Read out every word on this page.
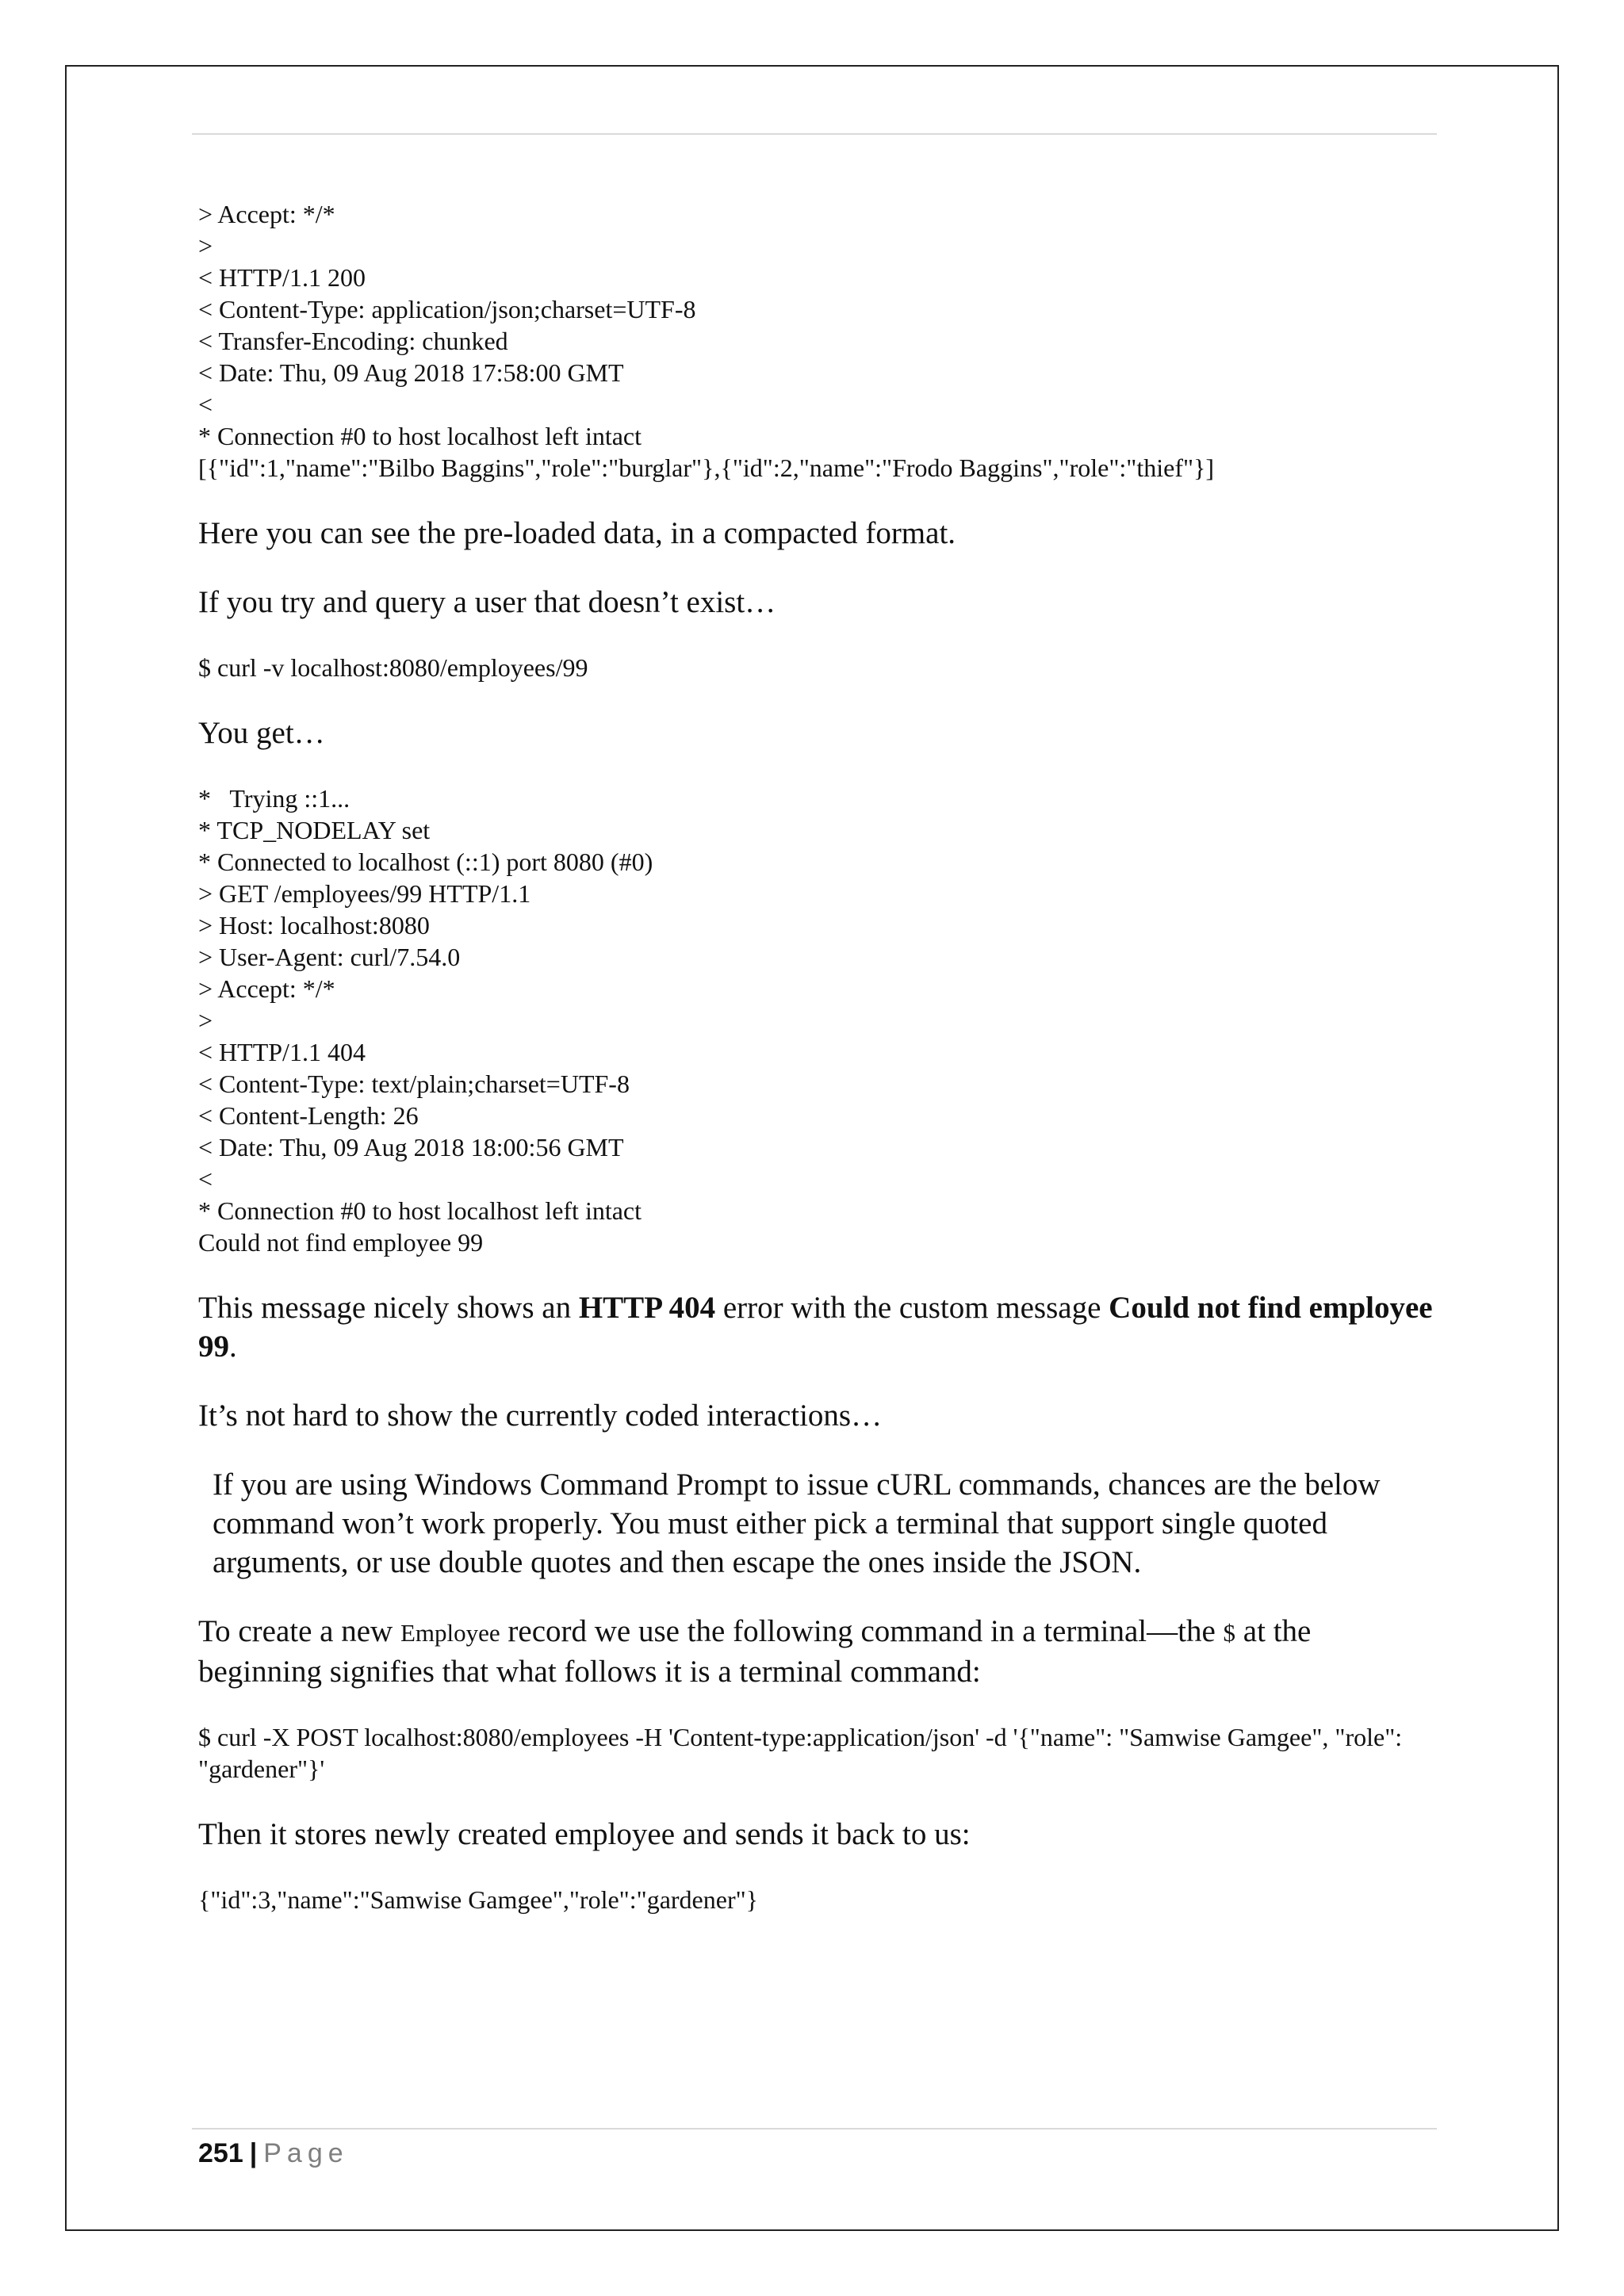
> Accept: */*

>

< HTTP/1.1 200

< Content-Type: application/json;charset=UTF-8

< Transfer-Encoding: chunked

< Date: Thu, 09 Aug 2018 17:58:00 GMT

<

* Connection #0 to host localhost left intact

[{"id":1,"name":"Bilbo Baggins","role":"burglar"},{"id":2,"name":"Frodo Baggins","role":"thief"}]

Here you can see the pre-loaded data, in a compacted format.

If you try and query a user that doesn’t exist…

$ curl -v localhost:8080/employees/99

You get…

*   Trying ::1...

* TCP_NODELAY set

* Connected to localhost (::1) port 8080 (#0)

> GET /employees/99 HTTP/1.1

> Host: localhost:8080

> User-Agent: curl/7.54.0

> Accept: */*

>

< HTTP/1.1 404

< Content-Type: text/plain;charset=UTF-8

< Content-Length: 26

< Date: Thu, 09 Aug 2018 18:00:56 GMT

<

* Connection #0 to host localhost left intact

Could not find employee 99

This message nicely shows an HTTP 404 error with the custom message Could not find employee 99.

It’s not hard to show the currently coded interactions…

If you are using Windows Command Prompt to issue cURL commands, chances are the below command won’t work properly. You must either pick a terminal that support single quoted arguments, or use double quotes and then escape the ones inside the JSON.

To create a new Employee record we use the following command in a terminal—the $ at the beginning signifies that what follows it is a terminal command:

$ curl -X POST localhost:8080/employees -H 'Content-type:application/json' -d '{"name": "Samwise Gamgee", "role": "gardener"}'

Then it stores newly created employee and sends it back to us:

{"id":3,"name":"Samwise Gamgee","role":"gardener"}

251 | Page
